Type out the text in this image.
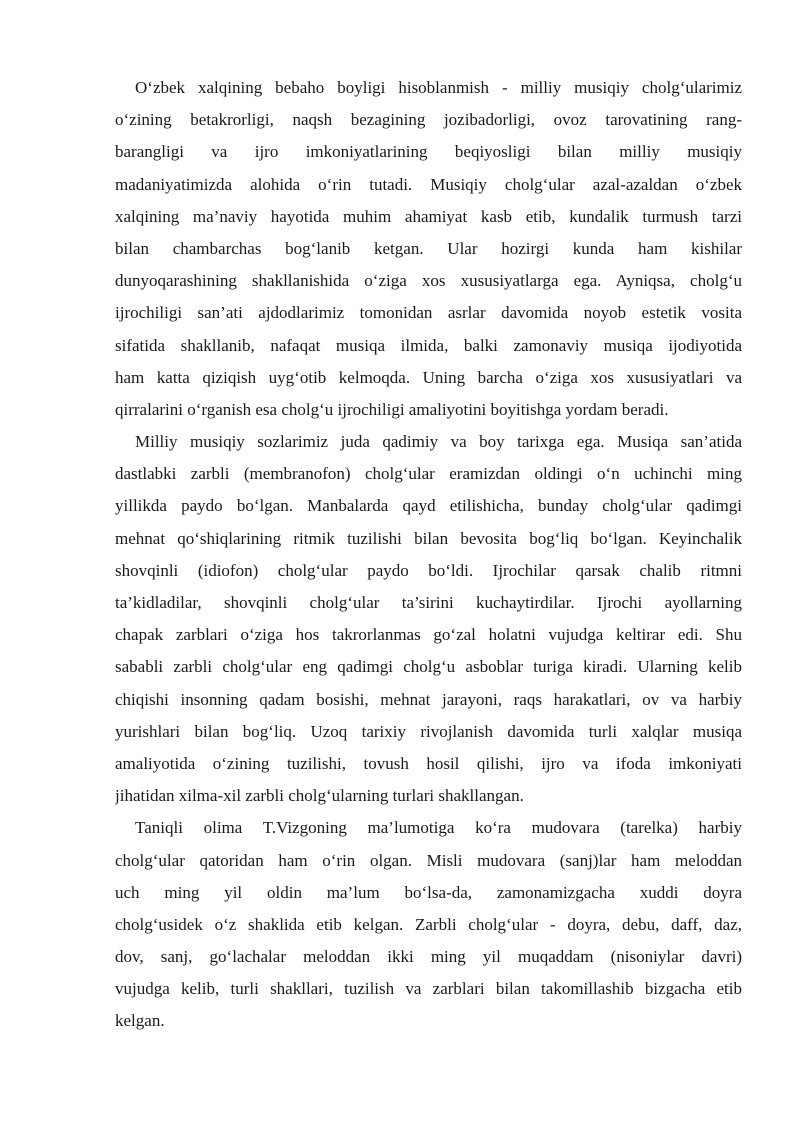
O‘zbek xalqining bebaho boyligi hisoblanmish - milliy musiqiy cholg‘ularimiz
o‘zining betakrorligi, naqsh bezagining jozibadorligi, ovoz tarovatining rang-
barangligi va ijro imkoniyatlarining beqiyosligi bilan milliy musiqiy
madaniyatimizda alohida o‘rin tutadi. Musiqiy cholg‘ular azal-azaldan o‘zbek
xalqining ma’naviy hayotida muhim ahamiyat kasb etib, kundalik turmush tarzi
bilan chambarchas bog‘lanib ketgan. Ular hozirgi kunda ham kishilar
dunyoqarashining shakllanishida o‘ziga xos xususiyatlarga ega. Ayniqsa, cholg‘u
ijrochiligi san’ati ajdodlarimiz tomonidan asrlar davomida noyob estetik vosita
sifatida shakllanib, nafaqat musiqa ilmida, balki zamonaviy musiqa ijodiyotida
ham katta qiziqish uyg‘otib kelmoqda. Uning barcha o‘ziga xos xususiyatlari va
qirralarini o‘rganish esa cholg‘u ijrochiligi amaliyotini boyitishga yordam beradi.
Milliy musiqiy sozlarimiz juda qadimiy va boy tarixga ega. Musiqa san’atida
dastlabki zarbli (membranofon) cholg‘ular eramizdan oldingi o‘n uchinchi ming
yillikda paydo bo‘lgan. Manbalarda qayd etilishicha, bunday cholg‘ular qadimgi
mehnat qo‘shiqlarining ritmik tuzilishi bilan bevosita bog‘liq bo‘lgan. Keyinchalik
shovqinli (idiofon) cholg‘ular paydo bo‘ldi. Ijrochilar qarsak chalib ritmni
ta’kidladilar, shovqinli cholg‘ular ta’sirini kuchaytirdilar. Ijrochi ayollarning
chapak zarblari o‘ziga hos takrorlanmas go‘zal holatni vujudga keltirar edi. Shu
sababli zarbli cholg‘ular eng qadimgi cholg‘u asboblar turiga kiradi. Ularning kelib
chiqishi insonning qadam bosishi, mehnat jarayoni, raqs harakatlari, ov va harbiy
yurishlari bilan bog‘liq. Uzoq tarixiy rivojlanish davomida turli xalqlar musiqa
amaliyotida o‘zining tuzilishi, tovush hosil qilishi, ijro va ifoda imkoniyati
jihatidan xilma-xil zarbli cholg‘ularning turlari shakllangan.
Taniqli olima T.Vizgoning ma’lumotiga ko‘ra mudovara (tarelka) harbiy
cholg‘ular qatoridan ham o‘rin olgan. Misli mudovara (sanj)lar ham meloddan
uch ming yil oldin ma’lum bo‘lsa-da, zamonamizgacha xuddi doyra
cholg‘usidek o‘z shaklida etib kelgan. Zarbli cholg‘ular - doyra, debu, daff, daz,
dov, sanj, go‘lachalar meloddan ikki ming yil muqaddam (nisoniylar davri)
vujudga kelib, turli shakllari, tuzilish va zarblari bilan takomillashib bizgacha etib
kelgan.
